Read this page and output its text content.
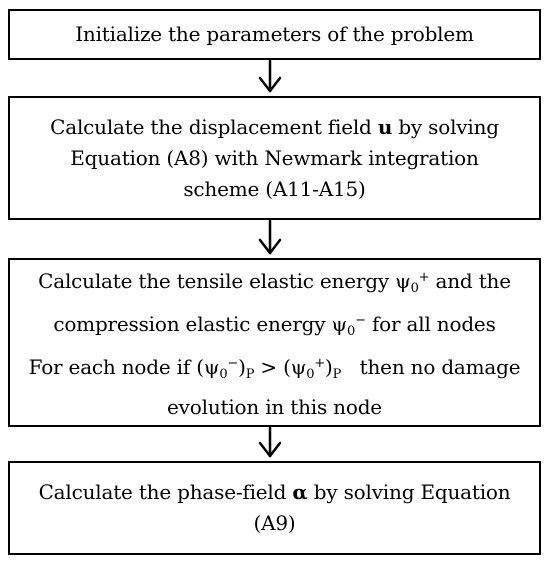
Initialize the parameters of the problem
Calculate the displacement field u by solving
Equation (A8) with Newmark integration
scheme (A11-A15)
Calculate the tensile elastic energy $\psi_0^+$ and the
compression elastic energy $\psi_0^-$ for all nodes
For each node if $(\psi_0^-)_P > (\psi_0^+)_P$   then no damage
evolution in this node
Calculate the phase-field α by solving Equation
(A9)
